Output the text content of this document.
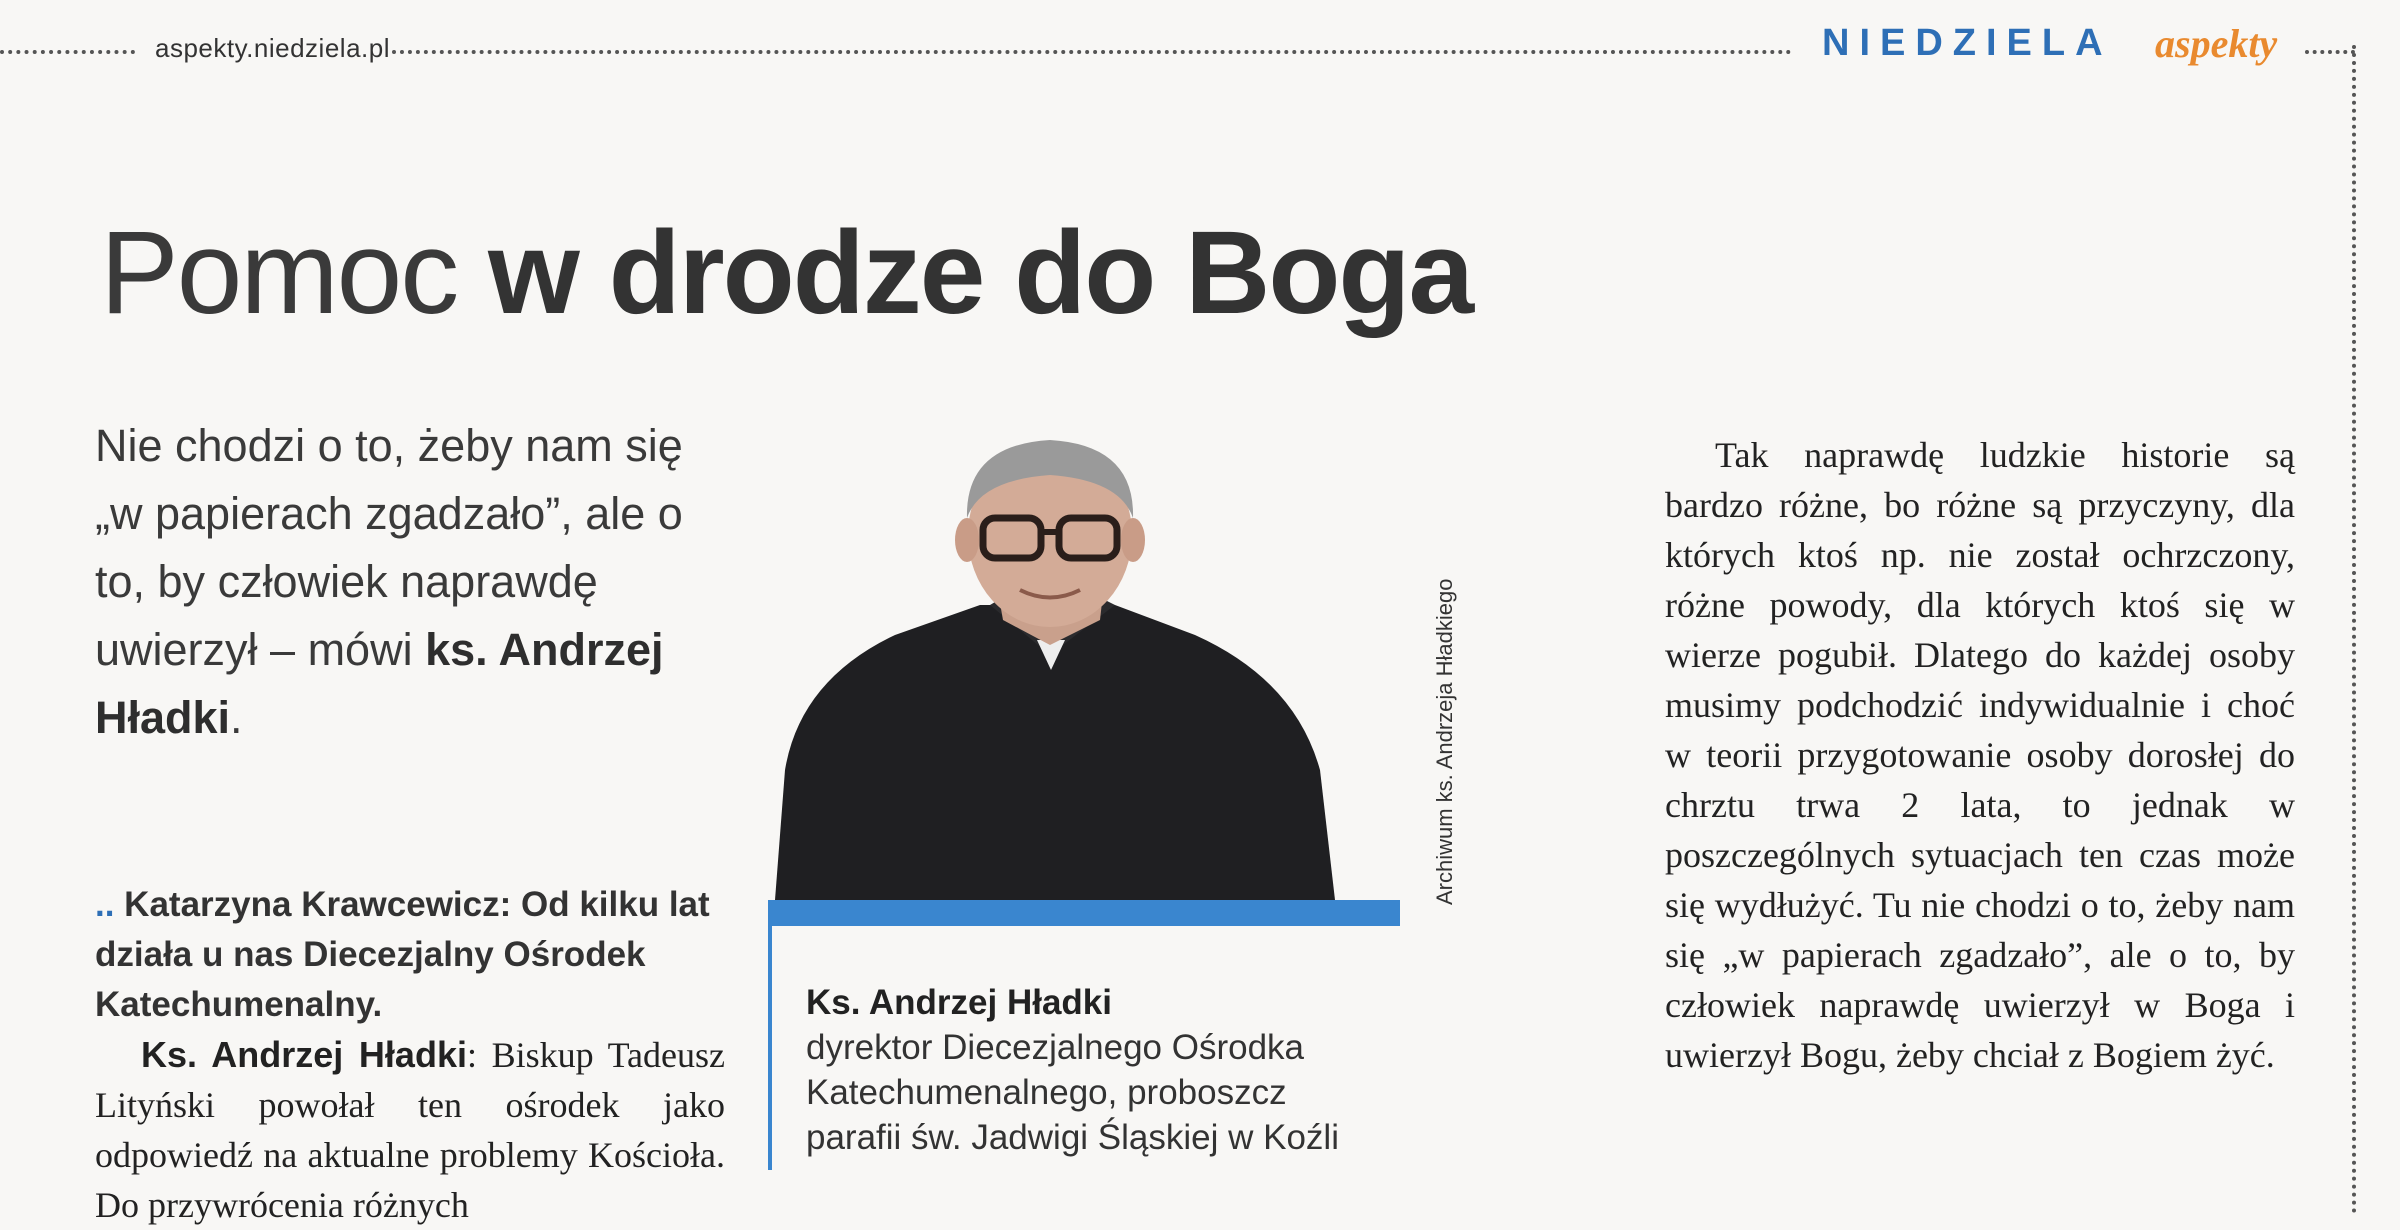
aspekty.niedziela.pl	NIEDZIELA aspekty
Pomoc w drodze do Boga
Nie chodzi o to, żeby nam się „w papierach zgadzało”, ale o to, by człowiek naprawdę uwierzył – mówi ks. Andrzej Hładki.
.. Katarzyna Krawcewicz: Od kilku lat działa u nas Diecezjalny Ośrodek Katechumenalny.
Ks. Andrzej Hładki: Biskup Tadeusz Lityński powołał ten ośrodek jako odpowiedź na aktualne problemy Kościoła. Do przywrócenia różnych
Archiwum ks. Andrzeja Hładkiego
Ks. Andrzej Hładki
dyrektor Diecezjalnego Ośrodka
Katechumenalnego, proboszcz
parafii św. Jadwigi Śląskiej w Koźli
Tak naprawdę ludzkie historie są bardzo różne, bo różne są przyczyny, dla których ktoś np. nie został ochrzczony, różne powody, dla których ktoś się w wierze pogubił. Dlatego do każdej osoby musimy podchodzić indywidualnie i choć w teorii przygotowanie osoby dorosłej do chrztu trwa 2 lata, to jednak w poszczególnych sytuacjach ten czas może się wydłużyć. Tu nie chodzi o to, żeby nam się „w papierach zgadzało”, ale o to, by człowiek naprawdę uwierzył w Boga i uwierzył Bogu, żeby chciał z Bogiem żyć.
